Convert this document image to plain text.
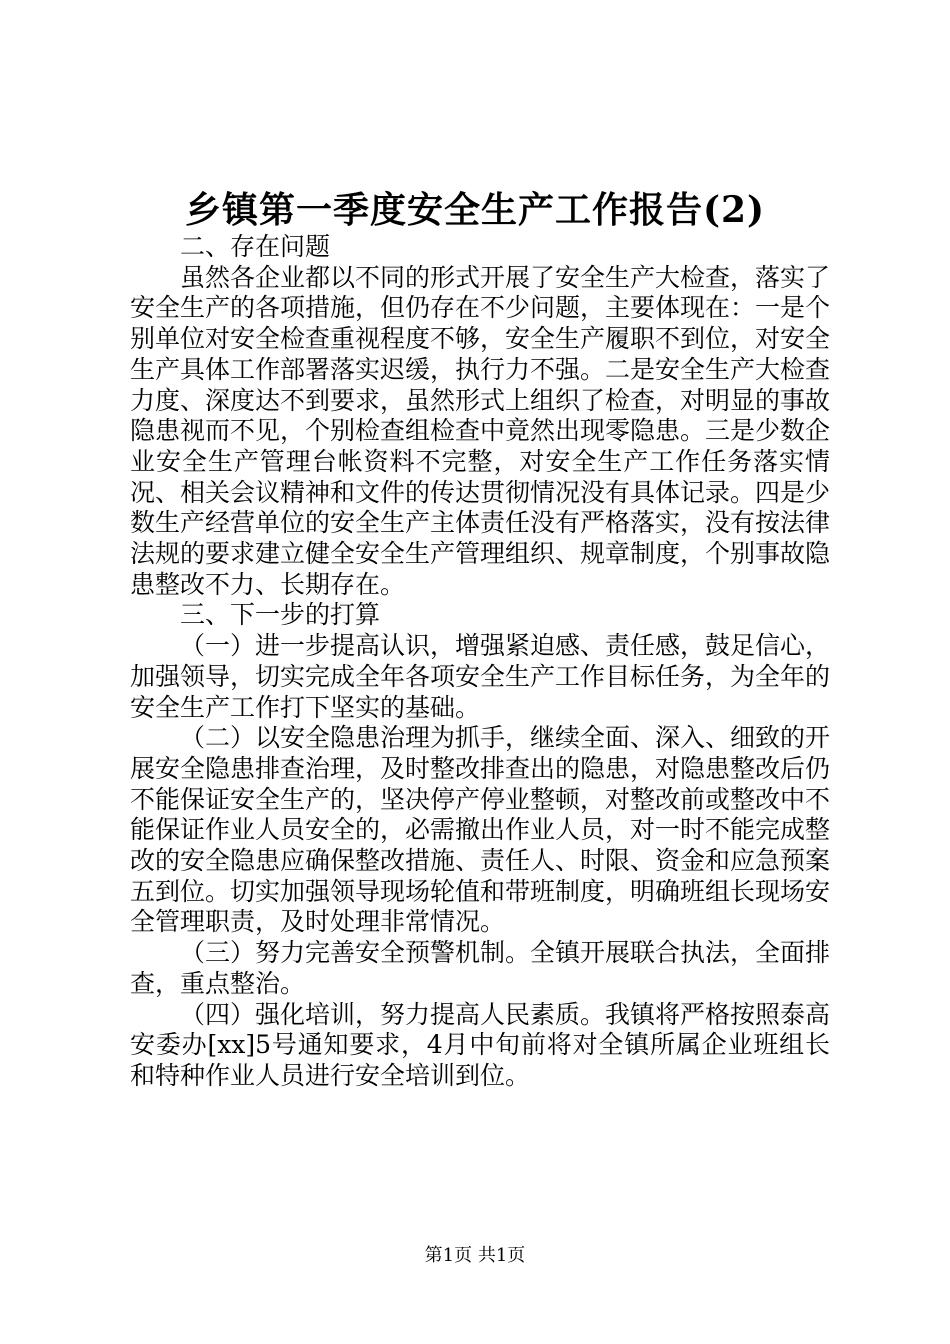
乡镇第一季度安全生产工作报告(2)

二、存在问题

虽然各企业都以不同的形式开展了安全生产大检查，落实了安全生产的各项措施，但仍存在不少问题，主要体现在：一是个别单位对安全检查重视程度不够，安全生产履职不到位，对安全生产具体工作部署落实迟缓，执行力不强。二是安全生产大检查力度、深度达不到要求，虽然形式上组织了检查，对明显的事故隐患视而不见，个别检查组检查中竟然出现零隐患。三是少数企业安全生产管理台帐资料不完整，对安全生产工作任务落实情况、相关会议精神和文件的传达贯彻情况没有具体记录。四是少数生产经营单位的安全生产主体责任没有严格落实，没有按法律法规的要求建立健全安全生产管理组织、规章制度，个别事故隐患整改不力、长期存在。

三、下一步的打算

（一）进一步提高认识，增强紧迫感、责任感，鼓足信心，加强领导，切实完成全年各项安全生产工作目标任务，为全年的安全生产工作打下坚实的基础。

（二）以安全隐患治理为抓手，继续全面、深入、细致的开展安全隐患排查治理，及时整改排查出的隐患，对隐患整改后仍不能保证安全生产的，坚决停产停业整顿，对整改前或整改中不能保证作业人员安全的，必需撤出作业人员，对一时不能完成整改的安全隐患应确保整改措施、责任人、时限、资金和应急预案五到位。切实加强领导现场轮值和带班制度，明确班组长现场安全管理职责，及时处理非常情况。

（三）努力完善安全预警机制。全镇开展联合执法，全面排查，重点整治。

（四）强化培训，努力提高人民素质。我镇将严格按照泰高安委办[xx]5号通知要求，4月中旬前将对全镇所属企业班组长和特种作业人员进行安全培训到位。

第1页 共1页
